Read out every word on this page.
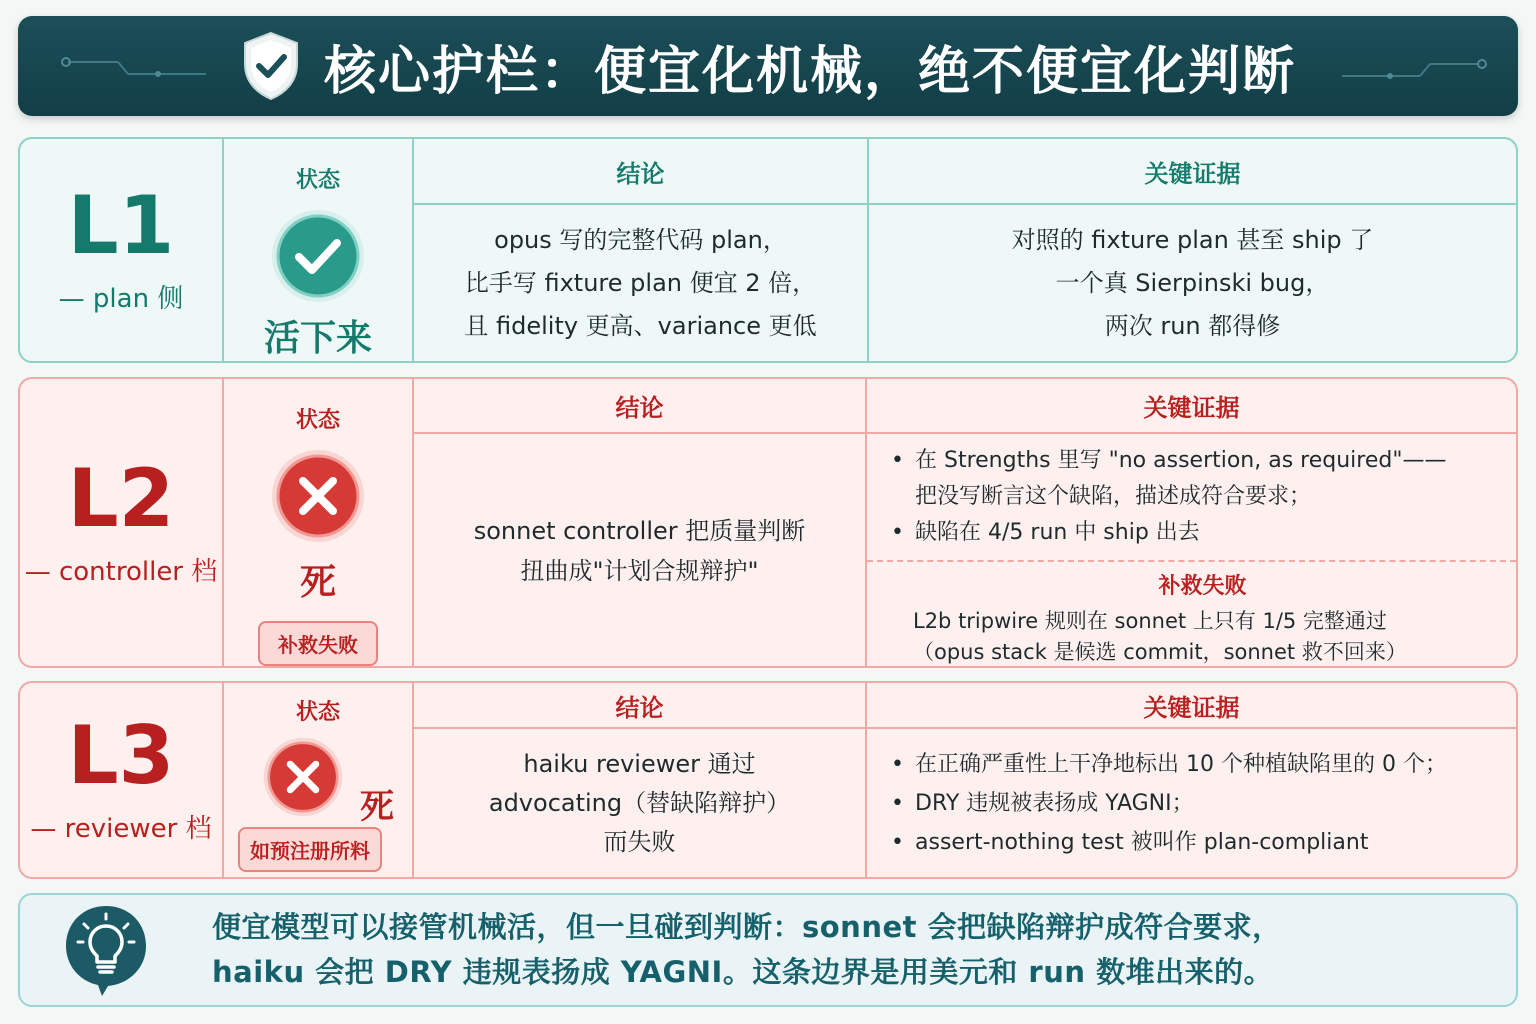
核心护栏：便宜化机械，绝不便宜化判断
L1
— plan 侧
状态
活下来
结论
opus 写的完整代码 plan，
比手写 fixture plan 便宜 2 倍，
且 fidelity 更高、variance 更低
关键证据
对照的 fixture plan 甚至 ship 了
一个真 Sierpinski bug，
两次 run 都得修
L2
— controller 档
状态
死
补救失败
结论
sonnet controller 把质量判断
扭曲成"计划合规辩护"
关键证据
• 在 Strengths 里写 "no assertion, as required"——
把没写断言这个缺陷，描述成符合要求；
• 缺陷在 4/5 run 中 ship 出去
补救失败
L2b tripwire 规则在 sonnet 上只有 1/5 完整通过
（opus stack 是候选 commit，sonnet 救不回来）
L3
— reviewer 档
状态
死
如预注册所料
结论
haiku reviewer 通过
advocating（替缺陷辩护）
而失败
关键证据
• 在正确严重性上干净地标出 10 个种植缺陷里的 0 个；
• DRY 违规被表扬成 YAGNI；
• assert-nothing test 被叫作 plan-compliant
便宜模型可以接管机械活，但一旦碰到判断：sonnet 会把缺陷辩护成符合要求，
haiku 会把 DRY 违规表扬成 YAGNI。这条边界是用美元和 run 数堆出来的。
